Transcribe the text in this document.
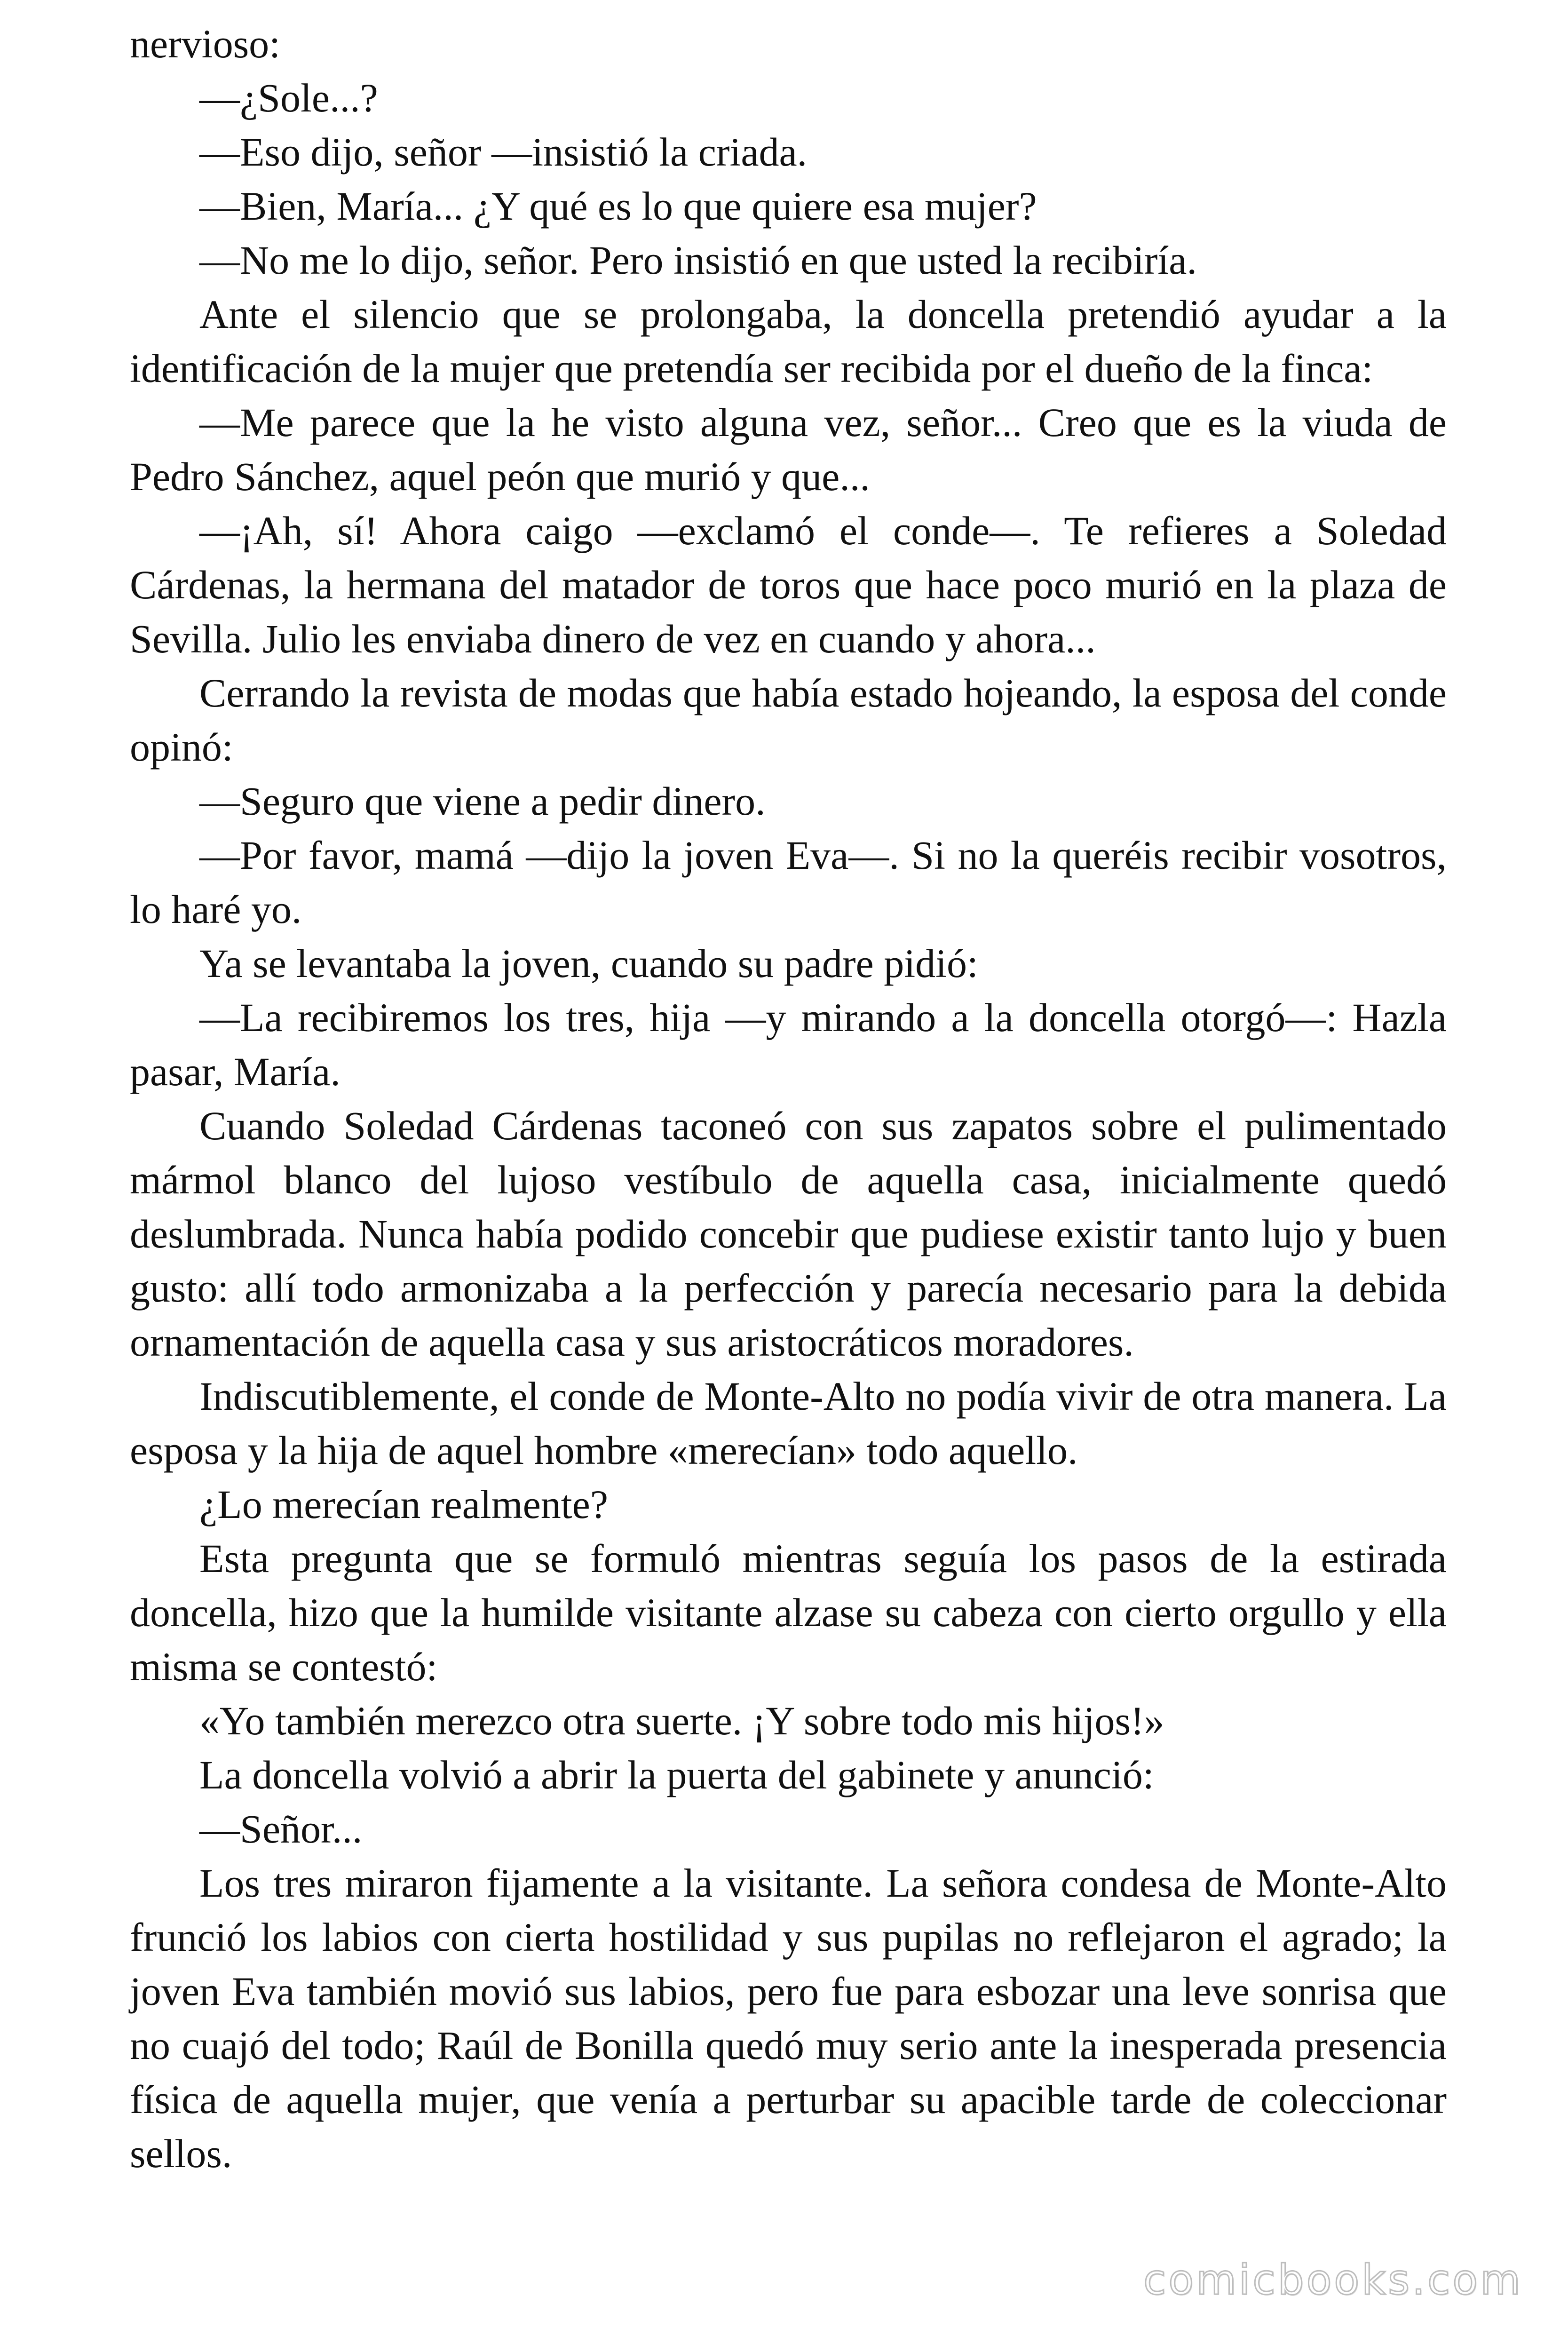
nervioso:

—¿Sole...?

—Eso dijo, señor —insistió la criada.

—Bien, María... ¿Y qué es lo que quiere esa mujer?

—No me lo dijo, señor. Pero insistió en que usted la recibiría.

Ante el silencio que se prolongaba, la doncella pretendió ayudar a la identificación de la mujer que pretendía ser recibida por el dueño de la finca:

—Me parece que la he visto alguna vez, señor... Creo que es la viuda de Pedro Sánchez, aquel peón que murió y que...

—¡Ah, sí! Ahora caigo —exclamó el conde—. Te refieres a Soledad Cárdenas, la hermana del matador de toros que hace poco murió en la plaza de Sevilla. Julio les enviaba dinero de vez en cuando y ahora...

Cerrando la revista de modas que había estado hojeando, la esposa del conde opinó:

—Seguro que viene a pedir dinero.

—Por favor, mamá —dijo la joven Eva—. Si no la queréis recibir vosotros, lo haré yo.

Ya se levantaba la joven, cuando su padre pidió:

—La recibiremos los tres, hija —y mirando a la doncella otorgó—: Hazla pasar, María.

Cuando Soledad Cárdenas taconeó con sus zapatos sobre el pulimentado mármol blanco del lujoso vestíbulo de aquella casa, inicialmente quedó deslumbrada. Nunca había podido concebir que pudiese existir tanto lujo y buen gusto: allí todo armonizaba a la perfección y parecía necesario para la debida ornamentación de aquella casa y sus aristocráticos moradores.

Indiscutiblemente, el conde de Monte-Alto no podía vivir de otra manera. La esposa y la hija de aquel hombre «merecían» todo aquello.

¿Lo merecían realmente?

Esta pregunta que se formuló mientras seguía los pasos de la estirada doncella, hizo que la humilde visitante alzase su cabeza con cierto orgullo y ella misma se contestó:

«Yo también merezco otra suerte. ¡Y sobre todo mis hijos!»

La doncella volvió a abrir la puerta del gabinete y anunció:

—Señor...

Los tres miraron fijamente a la visitante. La señora condesa de Monte-Alto frunció los labios con cierta hostilidad y sus pupilas no reflejaron el agrado; la joven Eva también movió sus labios, pero fue para esbozar una leve sonrisa que no cuajó del todo; Raúl de Bonilla quedó muy serio ante la inesperada presencia física de aquella mujer, que venía a perturbar su apacible tarde de coleccionar sellos.

comicbooks.com
